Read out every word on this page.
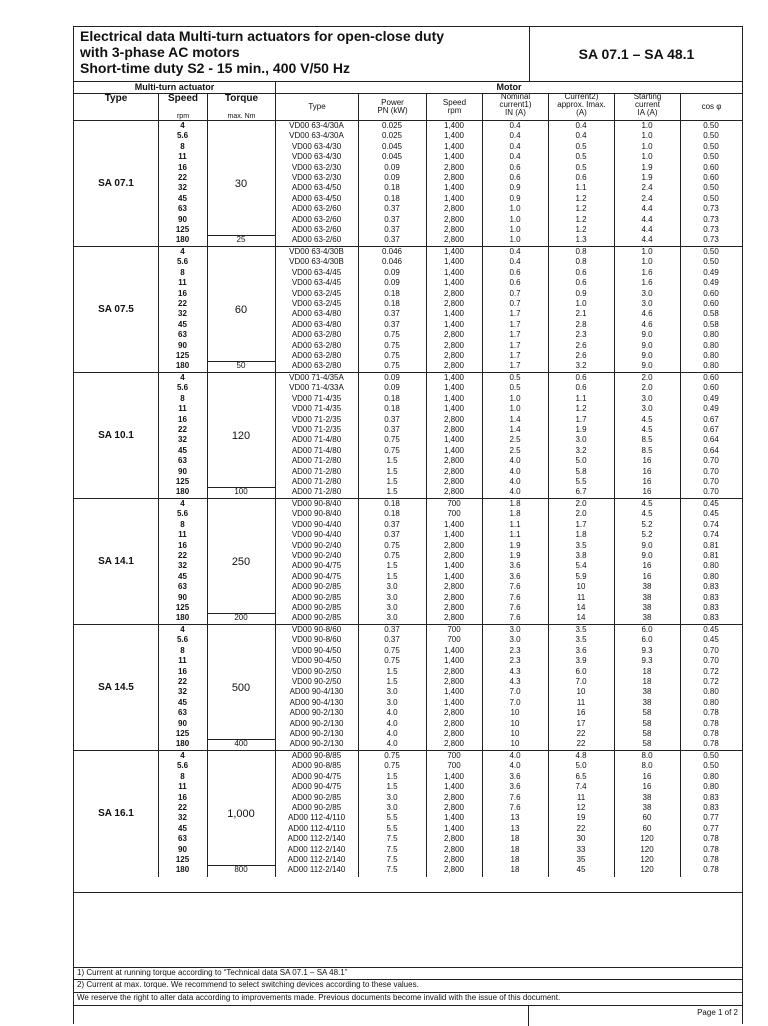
Electrical data Multi-turn actuators for open-close duty
with 3-phase AC motors
Short-time duty S2 - 15 min., 400 V/50 Hz
SA 07.1 – SA 48.1
Multi-turn actuator	Motor
Type	Speed
rpm
Torque
max. Nm
Type	Power
PN (kW)
Speed
rpm
Nominal
current1)
IN (A)
Current2)
approx. Imax.
(A)
Starting
current
IA (A)
cos φ
SA 07.1	30
25
4	VD00 63-4/30A	0.025	1,400	0.4	0.4	1.0	0.50
5.6	VD00 63-4/30A	0.025	1,400	0.4	0.4	1.0	0.50
8	VD00 63-4/30	0.045	1,400	0.4	0.5	1.0	0.50
11	VD00 63-4/30	0.045	1,400	0.4	0.5	1.0	0.50
16	VD00 63-2/30	0.09	2,800	0.6	0.5	1.9	0.60
22	VD00 63-2/30	0.09	2,800	0.6	0.6	1.9	0.60
32	AD00 63-4/50	0.18	1,400	0.9	1.1	2.4	0.50
45	AD00 63-4/50	0.18	1,400	0.9	1.2	2.4	0.50
63	AD00 63-2/60	0.37	2,800	1.0	1.2	4.4	0.73
90	AD00 63-2/60	0.37	2,800	1.0	1.2	4.4	0.73
125	AD00 63-2/60	0.37	2,800	1.0	1.2	4.4	0.73
180	AD00 63-2/60	0.37	2,800	1.0	1.3	4.4	0.73
SA 07.5	60
50
4	VD00 63-4/30B	0.046	1,400	0.4	0.8	1.0	0.50
5.6	VD00 63-4/30B	0.046	1,400	0.4	0.8	1.0	0.50
8	VD00 63-4/45	0.09	1,400	0.6	0.6	1.6	0.49
11	VD00 63-4/45	0.09	1,400	0.6	0.6	1.6	0.49
16	VD00 63-2/45	0.18	2,800	0.7	0.9	3.0	0.60
22	VD00 63-2/45	0.18	2,800	0.7	1.0	3.0	0.60
32	AD00 63-4/80	0.37	1,400	1.7	2.1	4.6	0.58
45	AD00 63-4/80	0.37	1,400	1.7	2.8	4.6	0.58
63	AD00 63-2/80	0.75	2,800	1.7	2.3	9.0	0.80
90	AD00 63-2/80	0.75	2,800	1.7	2.6	9.0	0.80
125	AD00 63-2/80	0.75	2,800	1.7	2.6	9.0	0.80
180	AD00 63-2/80	0.75	2,800	1.7	3.2	9.0	0.80
SA 10.1	120
100
4	VD00 71-4/35A	0.09	1,400	0.5	0.6	2.0	0.60
5.6	VD00 71-4/33A	0.09	1,400	0.5	0.6	2.0	0.60
8	VD00 71-4/35	0.18	1,400	1.0	1.1	3.0	0.49
11	VD00 71-4/35	0.18	1,400	1.0	1.2	3.0	0.49
16	VD00 71-2/35	0.37	2,800	1.4	1.7	4.5	0.67
22	VD00 71-2/35	0.37	2,800	1.4	1.9	4.5	0.67
32	AD00 71-4/80	0.75	1,400	2.5	3.0	8.5	0.64
45	AD00 71-4/80	0.75	1,400	2.5	3.2	8.5	0.64
63	AD00 71-2/80	1.5	2,800	4.0	5.0	16	0.70
90	AD00 71-2/80	1.5	2,800	4.0	5.8	16	0.70
125	AD00 71-2/80	1.5	2,800	4.0	5.5	16	0.70
180	AD00 71-2/80	1.5	2,800	4.0	6.7	16	0.70
SA 14.1	250
200
4	VD00 90-8/40	0.18	700	1.8	2.0	4.5	0.45
5.6	VD00 90-8/40	0.18	700	1.8	2.0	4.5	0.45
8	VD00 90-4/40	0.37	1,400	1.1	1.7	5.2	0.74
11	VD00 90-4/40	0.37	1,400	1.1	1.8	5.2	0.74
16	VD00 90-2/40	0.75	2,800	1.9	3.5	9.0	0.81
22	VD00 90-2/40	0.75	2,800	1.9	3.8	9.0	0.81
32	AD00 90-4/75	1.5	1,400	3.6	5.4	16	0.80
45	AD00 90-4/75	1.5	1,400	3.6	5.9	16	0.80
63	AD00 90-2/85	3.0	2,800	7.6	10	38	0.83
90	AD00 90-2/85	3.0	2,800	7.6	11	38	0.83
125	AD00 90-2/85	3.0	2,800	7.6	14	38	0.83
180	AD00 90-2/85	3.0	2,800	7.6	14	38	0.83
SA 14.5	500
400
4	VD00 90-8/60	0.37	700	3.0	3.5	6.0	0.45
5.6	VD00 90-8/60	0.37	700	3.0	3.5	6.0	0.45
8	VD00 90-4/50	0.75	1,400	2.3	3.6	9.3	0.70
11	VD00 90-4/50	0.75	1,400	2.3	3.9	9.3	0.70
16	VD00 90-2/50	1.5	2,800	4.3	6.0	18	0.72
22	VD00 90-2/50	1.5	2,800	4.3	7.0	18	0.72
32	AD00 90-4/130	3.0	1,400	7.0	10	38	0.80
45	AD00 90-4/130	3.0	1,400	7.0	11	38	0.80
63	AD00 90-2/130	4.0	2,800	10	16	58	0.78
90	AD00 90-2/130	4.0	2,800	10	17	58	0.78
125	AD00 90-2/130	4.0	2,800	10	22	58	0.78
180	AD00 90-2/130	4.0	2,800	10	22	58	0.78
SA 16.1	1,000
800
4	AD00 90-8/85	0.75	700	4.0	4.8	8.0	0.50
5.6	AD00 90-8/85	0.75	700	4.0	5.0	8.0	0.50
8	AD00 90-4/75	1.5	1,400	3.6	6.5	16	0.80
11	AD00 90-4/75	1.5	1,400	3.6	7.4	16	0.80
16	AD00 90-2/85	3.0	2,800	7.6	11	38	0.83
22	AD00 90-2/85	3.0	2,800	7.6	12	38	0.83
32	AD00 112-4/110	5.5	1,400	13	19	60	0.77
45	AD00 112-4/110	5.5	1,400	13	22	60	0.77
63	AD00 112-2/140	7.5	2,800	18	30	120	0.78
90	AD00 112-2/140	7.5	2,800	18	33	120	0.78
125	AD00 112-2/140	7.5	2,800	18	35	120	0.78
180	AD00 112-2/140	7.5	2,800	18	45	120	0.78
1) Current at running torque according to “Technical data SA 07.1 – SA 48.1”
2) Current at max. torque. We recommend to select switching devices according to these values.
We reserve the right to alter data according to improvements made. Previous documents become invalid with the issue of this document.
Page 1 of 2
